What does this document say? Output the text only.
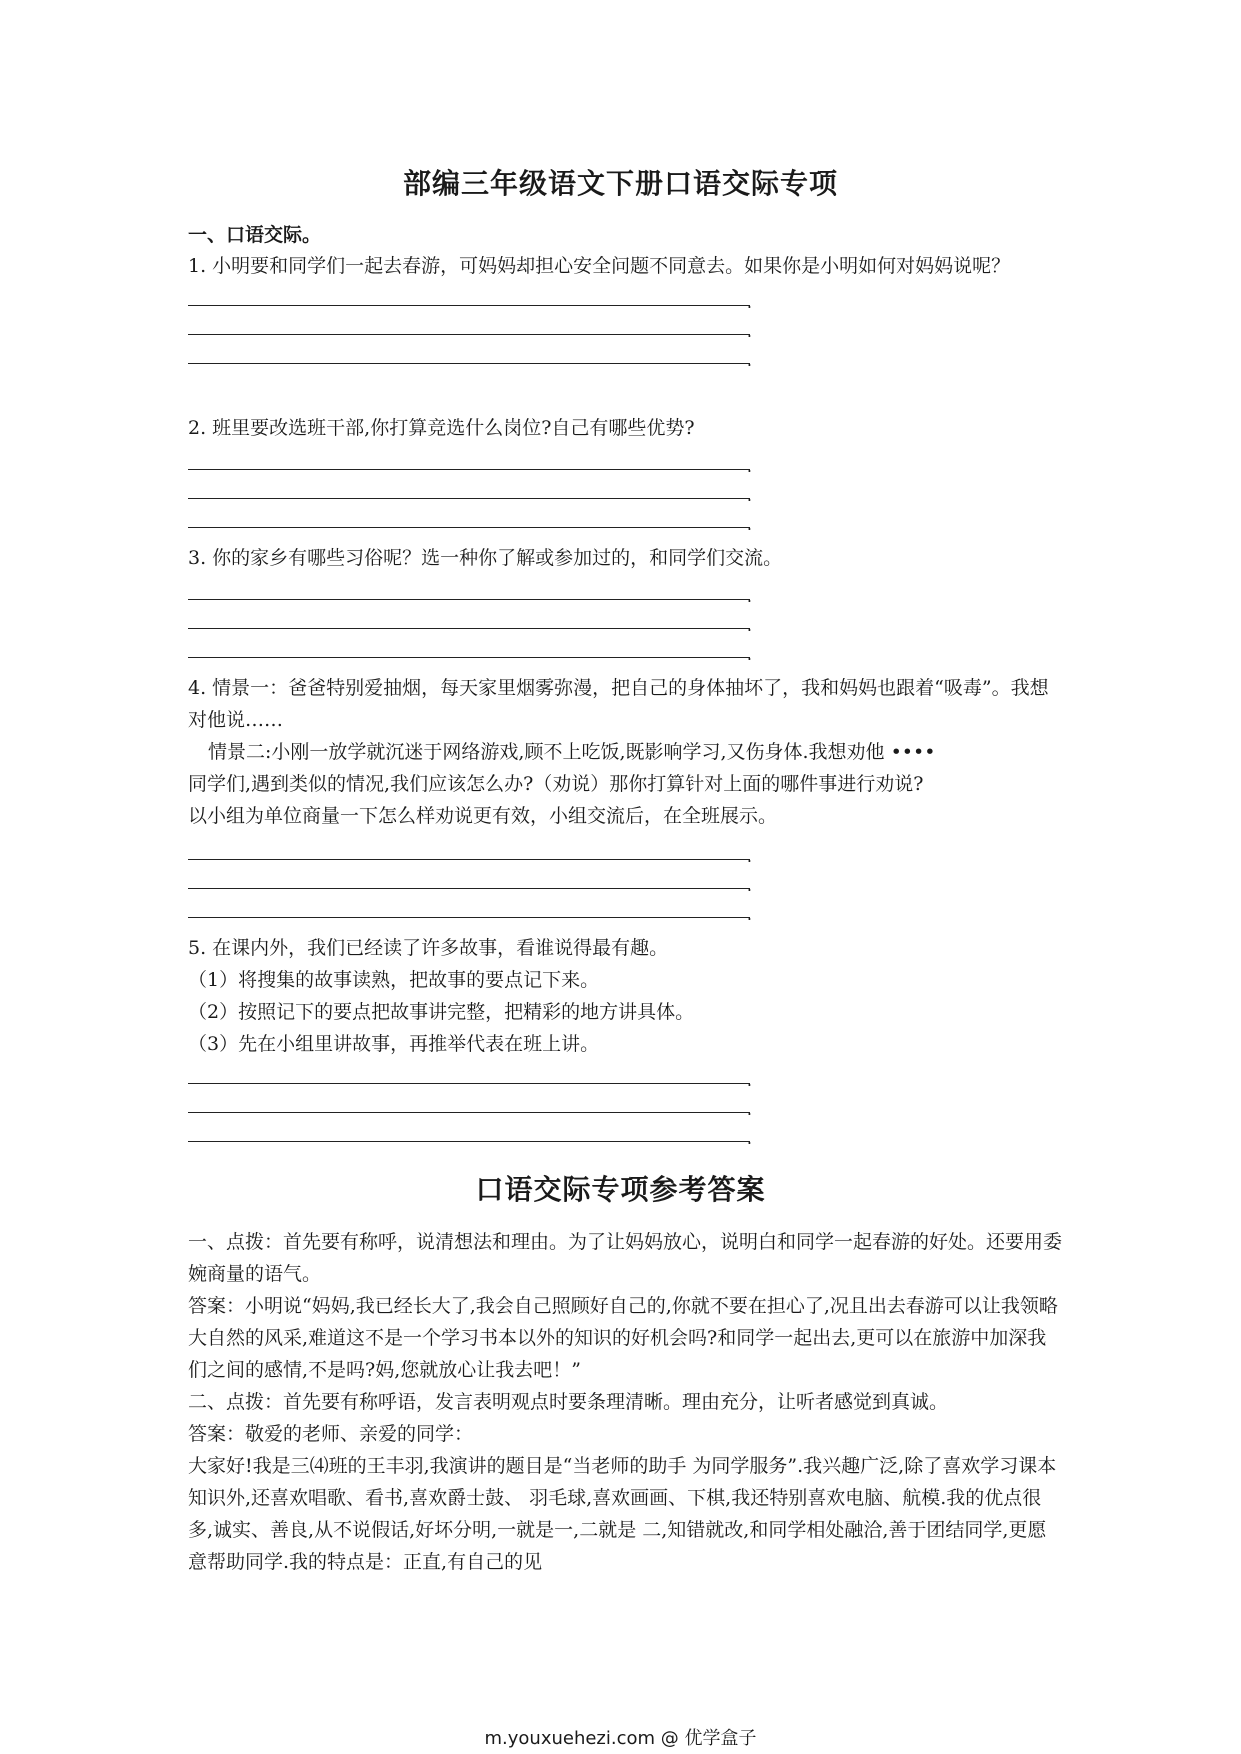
部编三年级语文下册口语交际专项
一、口语交际。
1. 小明要和同学们一起去春游，可妈妈却担心安全问题不同意去。如果你是小明如何对妈妈说呢？
.
.
.
2. 班里要改选班干部,你打算竞选什么岗位?自己有哪些优势?
.
.
.
3. 你的家乡有哪些习俗呢？选一种你了解或参加过的，和同学们交流。
.
.
.
4. 情景一：爸爸特别爱抽烟，每天家里烟雾弥漫，把自己的身体抽坏了，我和妈妈也跟着“吸毒”。我想对他说……
情景二:小刚一放学就沉迷于网络游戏,顾不上吃饭,既影响学习,又伤身体.我想劝他 ••••
同学们,遇到类似的情况,我们应该怎么办?（劝说）那你打算针对上面的哪件事进行劝说?
以小组为单位商量一下怎么样劝说更有效，小组交流后，在全班展示。
.
.
.
5. 在课内外，我们已经读了许多故事，看谁说得最有趣。
（1）将搜集的故事读熟，把故事的要点记下来。
（2）按照记下的要点把故事讲完整，把精彩的地方讲具体。
（3）先在小组里讲故事，再推举代表在班上讲。
.
.
.
口语交际专项参考答案
一、点拨：首先要有称呼，说清想法和理由。为了让妈妈放心，说明白和同学一起春游的好处。还要用委婉商量的语气。
答案：小明说“妈妈,我已经长大了,我会自己照顾好自己的,你就不要在担心了,况且出去春游可以让我领略大自然的风采,难道这不是一个学习书本以外的知识的好机会吗?和同学一起出去,更可以在旅游中加深我们之间的感情,不是吗?妈,您就放心让我去吧！”
二、点拨：首先要有称呼语，发言表明观点时要条理清晰。理由充分，让听者感觉到真诚。
答案：敬爱的老师、亲爱的同学：
大家好!我是三⑷班的王丰羽,我演讲的题目是“当老师的助手 为同学服务”.我兴趣广泛,除了喜欢学习课本知识外,还喜欢唱歌、看书,喜欢爵士鼓、 羽毛球,喜欢画画、下棋,我还特别喜欢电脑、航模.我的优点很多,诚实、善良,从不说假话,好坏分明,一就是一,二就是 二,知错就改,和同学相处融洽,善于团结同学,更愿意帮助同学.我的特点是：正直,有自己的见
m.youxuehezi.com @ 优学盒子
